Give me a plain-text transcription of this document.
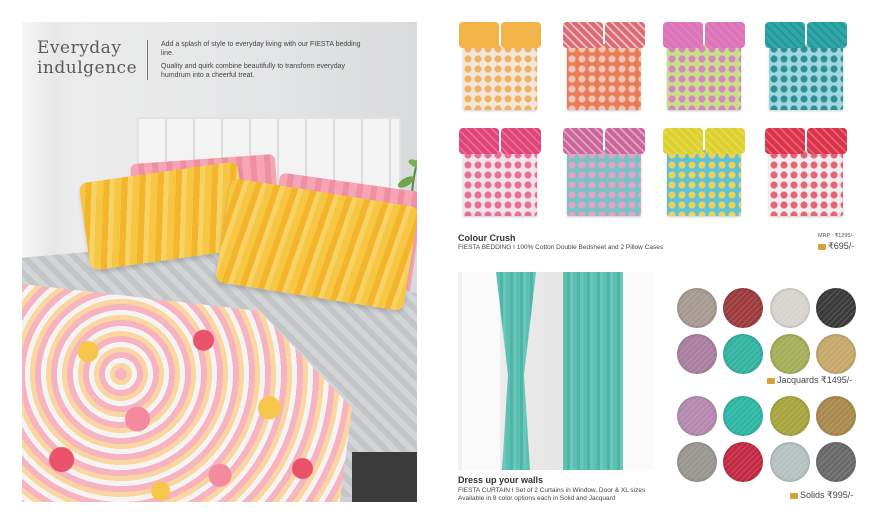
Everyday
indulgence

Add a splash of style to everyday living with our FIESTA bedding line.

Quality and quirk combine beautifully to transform everyday humdrum into a cheerful treat.

Colour Crush
FIESTA BEDDING I 100% Cotton Double Bedsheet and 2 Pillow Cases
MRP : ₹1295/-
₹695/-
Dress up your walls
FIESTA CURTAIN I Set of 2 Curtains in Window, Door & XL sizes
Available in 8 color options each in Solid and Jacquard
Jacquards ₹1495/-
Solids ₹995/-
